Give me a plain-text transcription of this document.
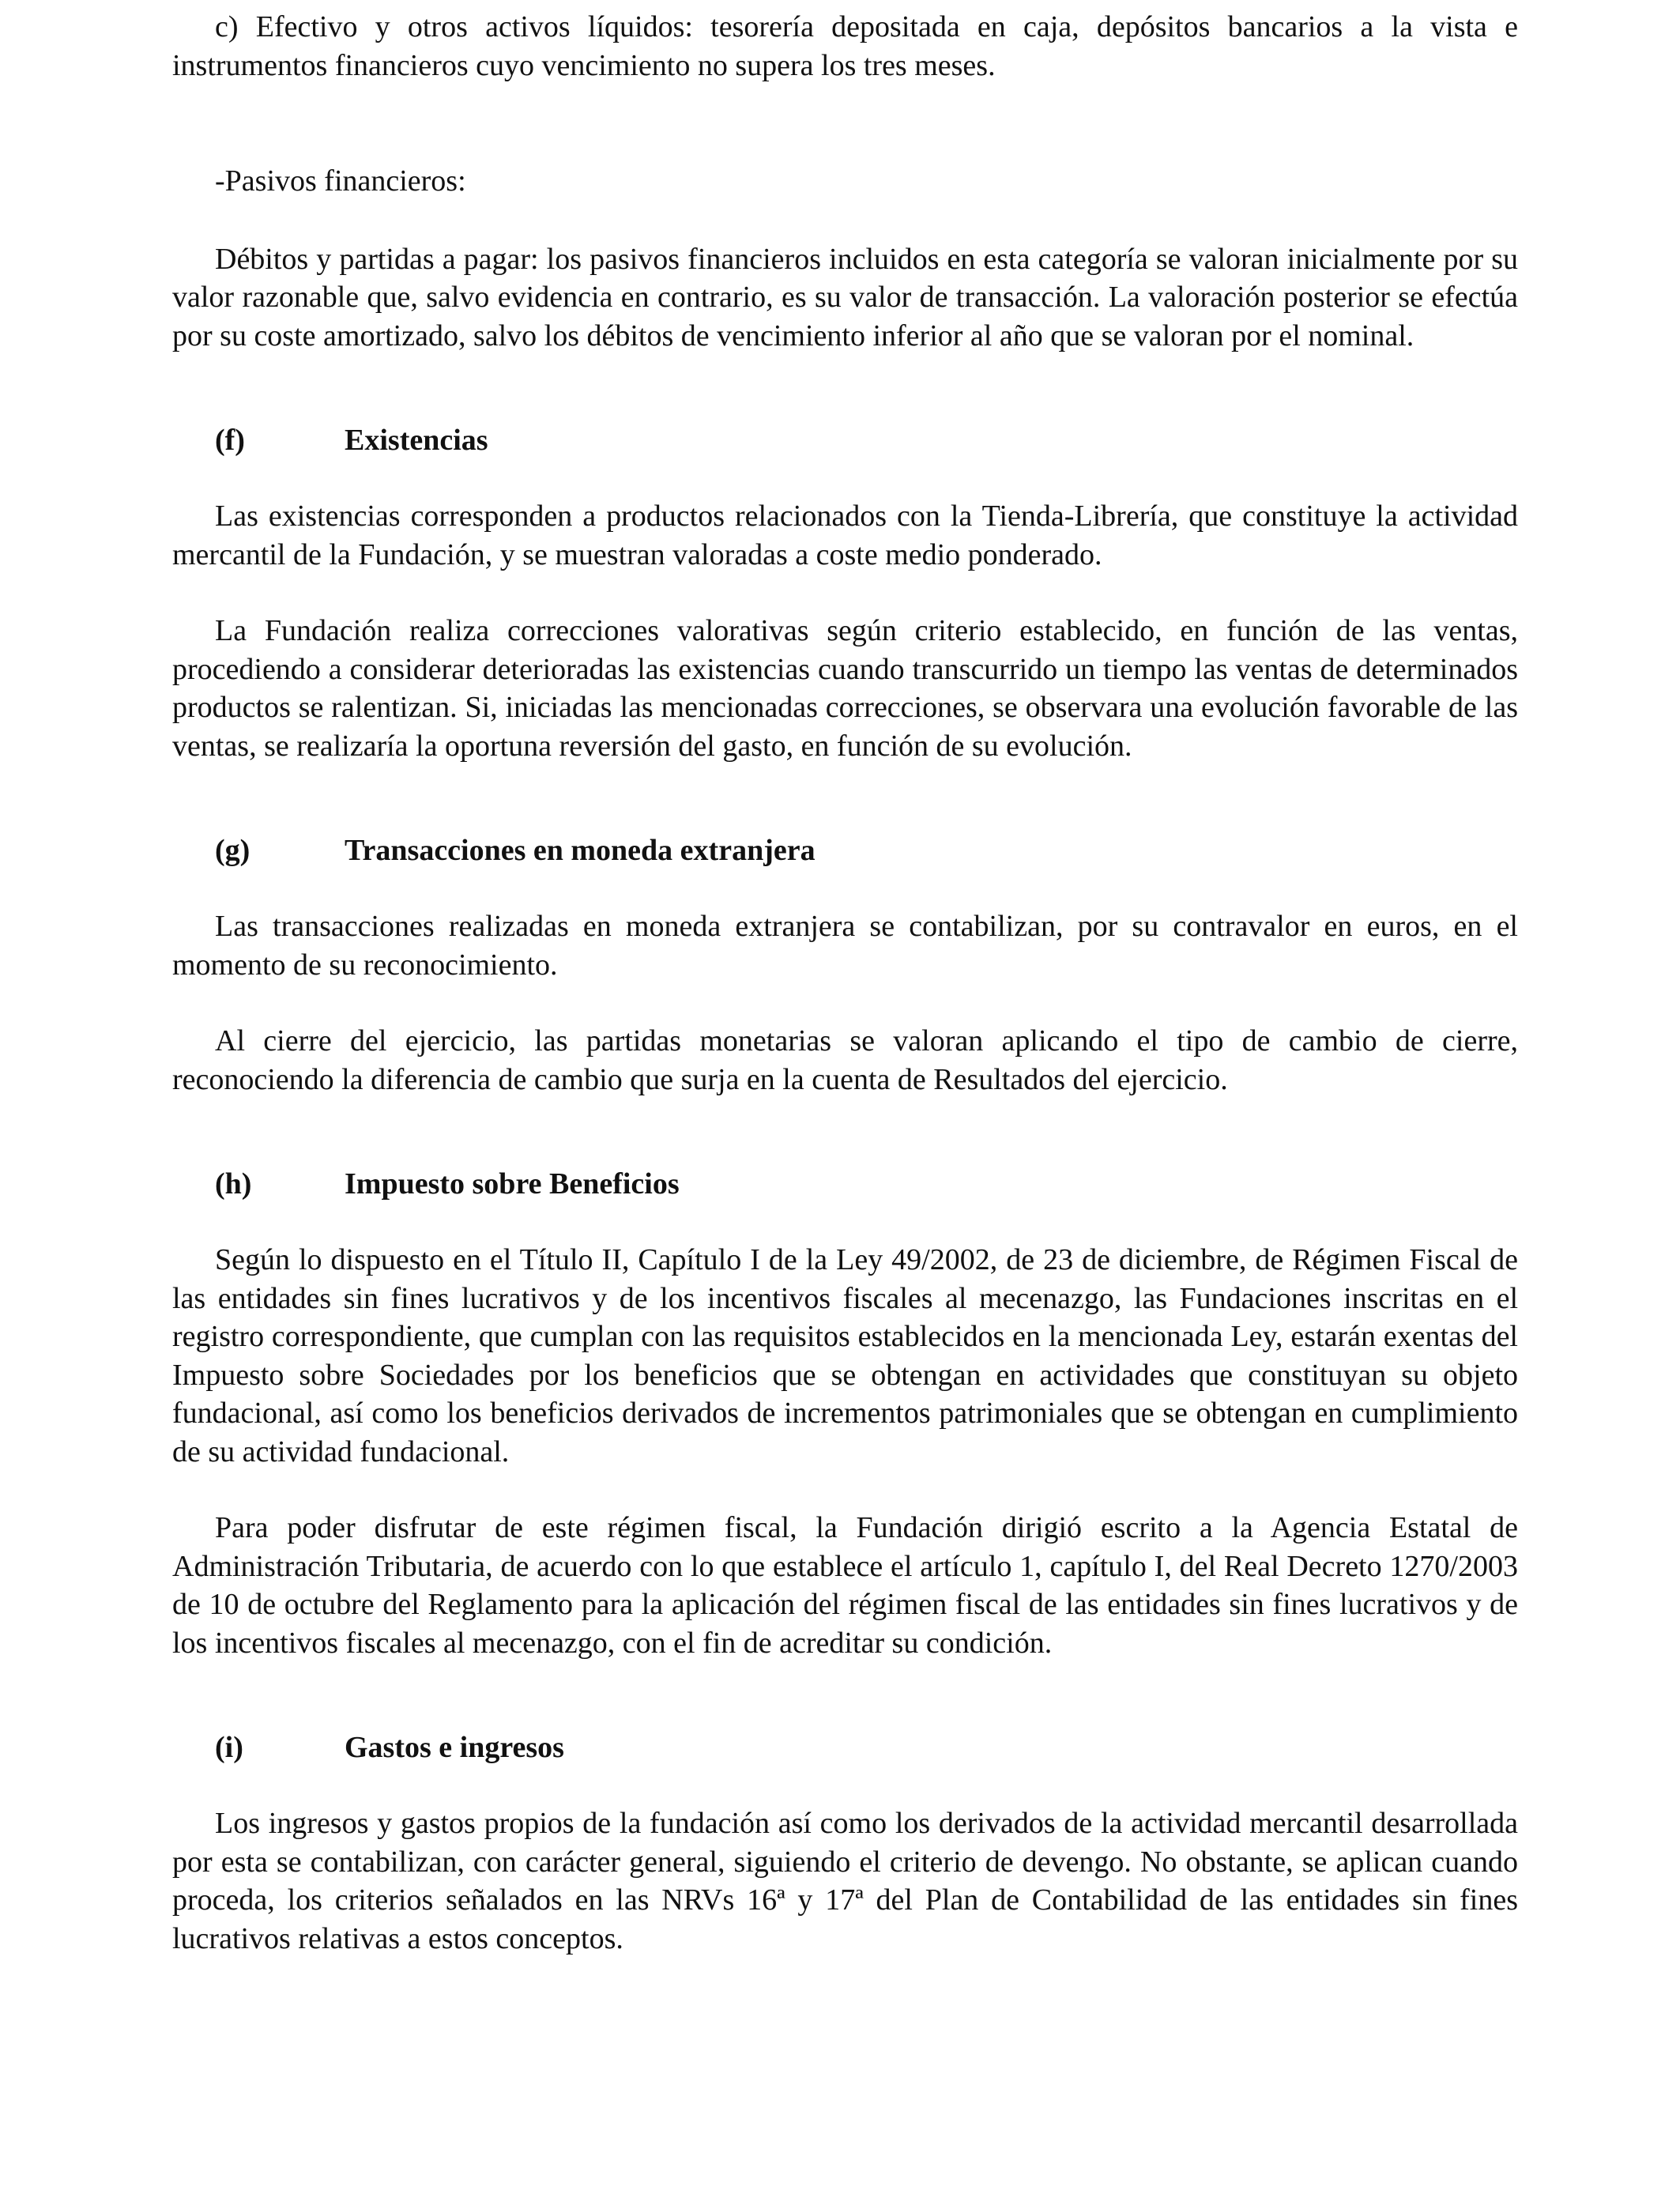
c) Efectivo y otros activos líquidos: tesorería depositada en caja, depósitos bancarios a la vista e instrumentos financieros cuyo vencimiento no supera los tres meses.

-Pasivos financieros:

Débitos y partidas a pagar: los pasivos financieros incluidos en esta categoría se valoran inicialmente por su valor razonable que, salvo evidencia en contrario, es su valor de transacción. La valoración posterior se efectúa por su coste amortizado, salvo los débitos de vencimiento inferior al año que se valoran por el nominal.

(f)	Existencias

Las existencias corresponden a productos relacionados con la Tienda-Librería, que constituye la actividad mercantil de la Fundación, y se muestran valoradas a coste medio ponderado.

La Fundación realiza correcciones valorativas según criterio establecido, en función de las ventas, procediendo a considerar deterioradas las existencias cuando transcurrido un tiempo las ventas de determinados productos se ralentizan. Si, iniciadas las mencionadas correcciones, se observara una evolución favorable de las ventas, se realizaría la oportuna reversión del gasto, en función de su evolución.

(g)	Transacciones en moneda extranjera

Las transacciones realizadas en moneda extranjera se contabilizan, por su contravalor en euros, en el momento de su reconocimiento.

Al cierre del ejercicio, las partidas monetarias se valoran aplicando el tipo de cambio de cierre, reconociendo la diferencia de cambio que surja en la cuenta de Resultados del ejercicio.

(h)	Impuesto sobre Beneficios

Según lo dispuesto en el Título II, Capítulo I de la Ley 49/2002, de 23 de diciembre, de Régimen Fiscal de las entidades sin fines lucrativos y de los incentivos fiscales al mecenazgo, las Fundaciones inscritas en el registro correspondiente, que cumplan con las requisitos establecidos en la mencionada Ley, estarán exentas del Impuesto sobre Sociedades por los beneficios que se obtengan en actividades que constituyan su objeto fundacional, así como los beneficios derivados de incrementos patrimoniales que se obtengan en cumplimiento de su actividad fundacional.

Para poder disfrutar de este régimen fiscal, la Fundación dirigió escrito a la Agencia Estatal de Administración Tributaria, de acuerdo con lo que establece el artículo 1, capítulo I, del Real Decreto 1270/2003 de 10 de octubre del Reglamento para la aplicación del régimen fiscal de las entidades sin fines lucrativos y de los incentivos fiscales al mecenazgo, con el fin de acreditar su condición.

(i)	Gastos e ingresos

Los ingresos y gastos propios de la fundación así como los derivados de la actividad mercantil desarrollada por esta se contabilizan, con carácter general, siguiendo el criterio de devengo. No obstante, se aplican cuando proceda, los criterios señalados en las NRVs 16ª y 17ª del Plan de Contabilidad de las entidades sin fines lucrativos relativas a estos conceptos.
